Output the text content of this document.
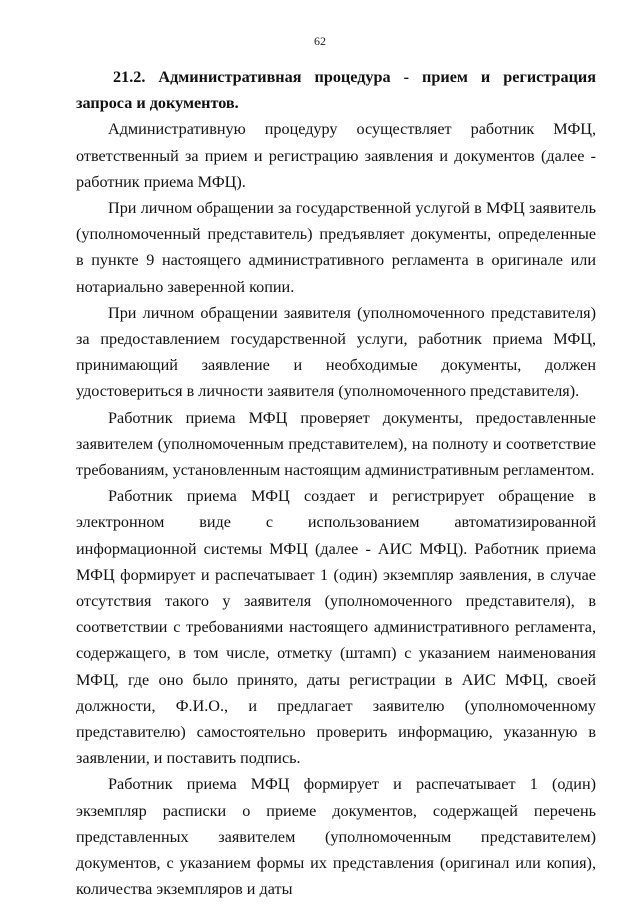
62

21.2. Административная процедура - прием и регистрация запроса и документов.

Административную процедуру осуществляет работник МФЦ, ответственный за прием и регистрацию заявления и документов (далее - работник приема МФЦ).

При личном обращении за государственной услугой в МФЦ заявитель (уполномоченный представитель) предъявляет документы, определенные в пункте 9 настоящего административного регламента в оригинале или нотариально заверенной копии.

При личном обращении заявителя (уполномоченного представителя) за предоставлением государственной услуги, работник приема МФЦ, принимающий заявление и необходимые документы, должен удостовериться в личности заявителя (уполномоченного представителя).

Работник приема МФЦ проверяет документы, предоставленные заявителем (уполномоченным представителем), на полноту и соответствие требованиям, установленным настоящим административным регламентом.

Работник приема МФЦ создает и регистрирует обращение в электронном виде с использованием автоматизированной информационной системы МФЦ (далее - АИС МФЦ). Работник приема МФЦ формирует и распечатывает 1 (один) экземпляр заявления, в случае отсутствия такого у заявителя (уполномоченного представителя), в соответствии с требованиями настоящего административного регламента, содержащего, в том числе, отметку (штамп) с указанием наименования МФЦ, где оно было принято, даты регистрации в АИС МФЦ, своей должности, Ф.И.О., и предлагает заявителю (уполномоченному представителю) самостоятельно проверить информацию, указанную в заявлении, и поставить подпись.

Работник приема МФЦ формирует и распечатывает 1 (один) экземпляр расписки о приеме документов, содержащей перечень представленных заявителем (уполномоченным представителем) документов, с указанием формы их представления (оригинал или копия), количества экземпляров и даты
